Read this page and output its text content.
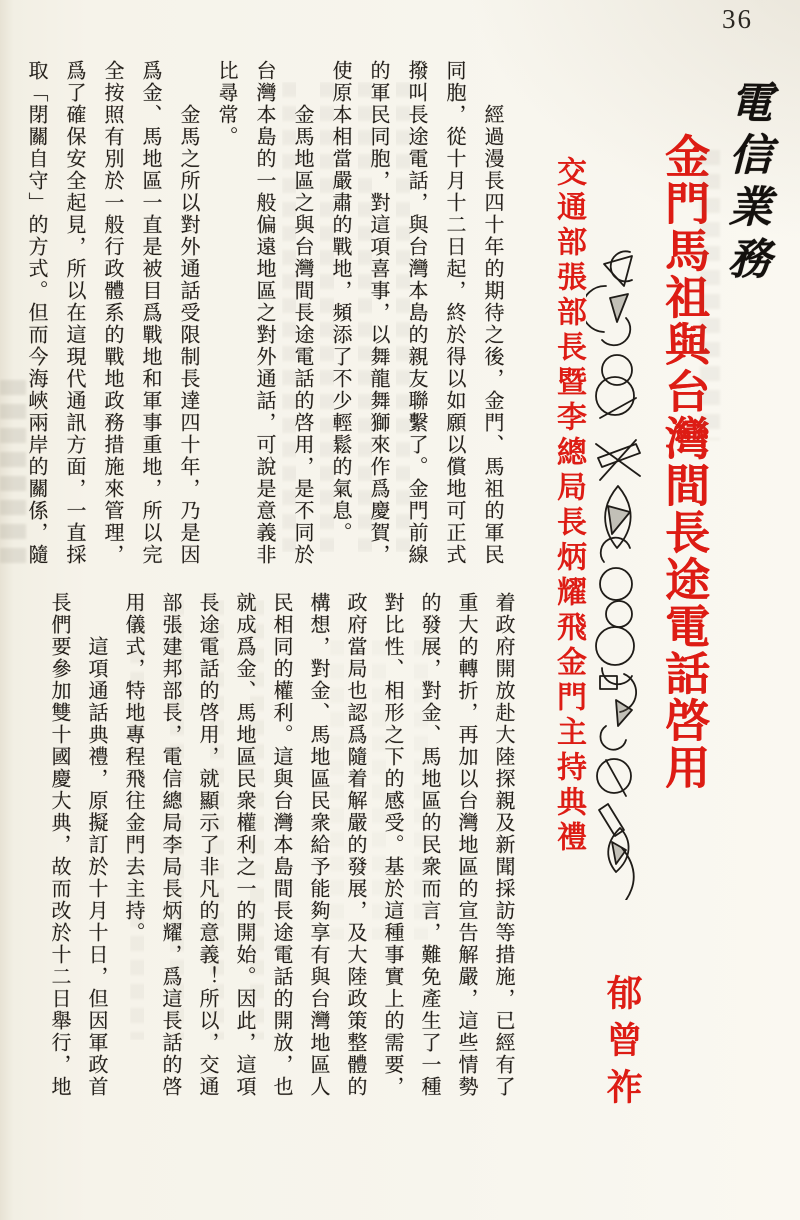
36
電信業務
金門馬祖與台灣間長途電話啓用
交通部張部長暨李總局長炳耀飛金門主持典禮
郁曾祚
　　經過漫長四十年的期待之後，金門、馬祖的軍民
同胞，從十月十二日起，終於得以如願以償地可正式
撥叫長途電話，與台灣本島的親友聯繫了。金門前線
的軍民同胞，對這項喜事，以舞龍舞獅來作爲慶賀，
使原本相當嚴肅的戰地，頻添了不少輕鬆的氣息。
　　金馬地區之與台灣間長途電話的啓用，是不同於
台灣本島的一般偏遠地區之對外通話，可說是意義非
比尋常。
　　金馬之所以對外通話受限制長達四十年，乃是因
爲金、馬地區一直是被目爲戰地和軍事重地，所以完
全按照有別於一般行政體系的戰地政務措施來管理，
爲了確保安全起見，所以在這現代通訊方面，一直採
取「閉關自守」的方式。但而今海峽兩岸的關係，隨
着政府開放赴大陸探親及新聞採訪等措施，已經有了
重大的轉折，再加以台灣地區的宣告解嚴，這些情勢
的發展，對金、馬地區的民衆而言，難免產生了一種
對比性、相形之下的感受。基於這種事實上的需要，
政府當局也認爲隨着解嚴的發展，及大陸政策整體的
構想，對金、馬地區民衆給予能夠享有與台灣地區人
民相同的權利。這與台灣本島間長途電話的開放，也
就成爲金、馬地區民衆權利之一的開始。因此，這項
長途電話的啓用，就顯示了非凡的意義！所以，交通
部張建邦部長，電信總局李局長炳耀，爲這長話的啓
用儀式，特地專程飛往金門去主持。
　　這項通話典禮，原擬訂於十月十日，但因軍政首
長們要參加雙十國慶大典，故而改於十二日舉行，地
